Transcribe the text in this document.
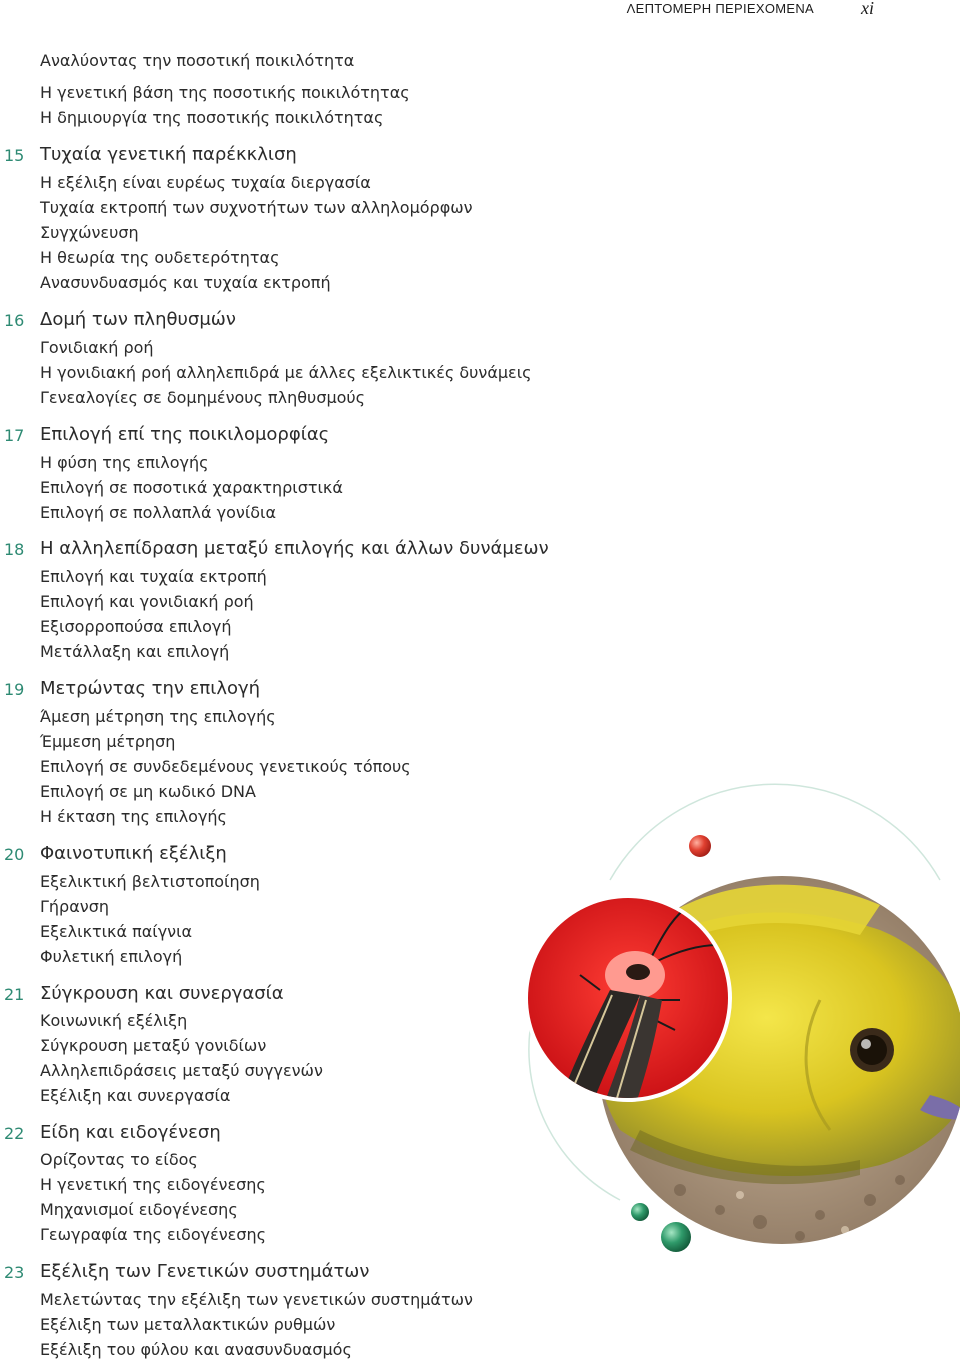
ΛΕΠΤΟΜΕΡΗ ΠΕΡΙΕΧΟΜΕΝΑ	xi
Αναλύοντας την ποσοτική ποικιλότητα
Η γενετική βάση της ποσοτικής ποικιλότητας
Η δημιουργία της ποσοτικής ποικιλότητας
15 Τυχαία γενετική παρέκκλιση
Η εξέλιξη είναι ευρέως τυχαία διεργασία
Τυχαία εκτροπή των συχνοτήτων των αλληλομόρφων
Συγχώνευση
Η θεωρία της ουδετερότητας
Ανασυνδυασμός και τυχαία εκτροπή
16 Δομή των πληθυσμών
Γονιδιακή ροή
Η γονιδιακή ροή αλληλεπιδρά με άλλες εξελικτικές δυνάμεις
Γενεαλογίες σε δομημένους πληθυσμούς
17 Επιλογή επί της ποικιλομορφίας
Η φύση της επιλογής
Επιλογή σε ποσοτικά χαρακτηριστικά
Επιλογή σε πολλαπλά γονίδια
18 Η αλληλεπίδραση μεταξύ επιλογής και άλλων δυνάμεων
Επιλογή και τυχαία εκτροπή
Επιλογή και γονιδιακή ροή
Εξισορροπούσα επιλογή
Μετάλλαξη και επιλογή
19 Μετρώντας την επιλογή
Άμεση μέτρηση της επιλογής
Έμμεση μέτρηση
Επιλογή σε συνδεδεμένους γενετικούς τόπους
Επιλογή σε μη κωδικό DNA
Η έκταση της επιλογής
20 Φαινοτυπική εξέλιξη
Εξελικτική βελτιστοποίηση
Γήρανση
Εξελικτικά παίγνια
Φυλετική επιλογή
21 Σύγκρουση και συνεργασία
Κοινωνική εξέλιξη
Σύγκρουση μεταξύ γονιδίων
Αλληλεπιδράσεις μεταξύ συγγενών
Εξέλιξη και συνεργασία
22 Είδη και ειδογένεση
Ορίζοντας το είδος
Η γενετική της ειδογένεσης
Μηχανισμοί ειδογένεσης
Γεωγραφία της ειδογένεσης
23 Εξέλιξη των Γενετικών συστημάτων
Μελετώντας την εξέλιξη των γενετικών συστημάτων
Εξέλιξη των μεταλλακτικών ρυθμών
Εξέλιξη του φύλου και ανασυνδυασμός
